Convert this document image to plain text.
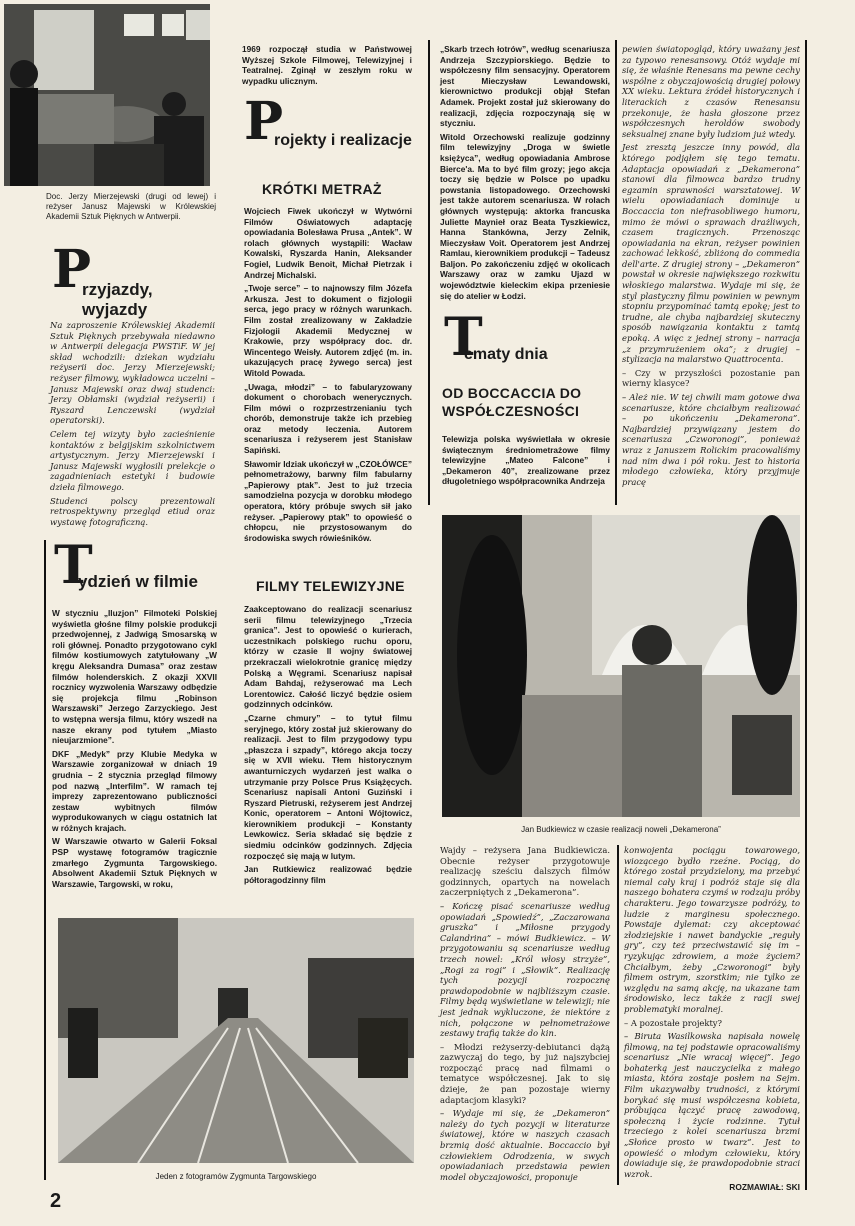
Doc. Jerzy Mierzejewski (drugi od lewej) i reżyser Janusz Majewski w Królewskiej Akademii Sztuk Pięknych w Antwerpii.
P
rzyjazdy, wyjazdy

Na zaproszenie Królewskiej Akademii Sztuk Pięknych przebywała niedawno w Antwerpii delegacja PWSTiF. W jej skład wchodzili: dziekan wydziału reżyserii doc. Jerzy Mierzejewski; reżyser filmowy, wykładowca uczelni – Janusz Majewski oraz dwaj studenci: Jerzy Obłamski (wydział reżyserii) i Ryszard Lenczewski (wydział operatorski).

Celem tej wizyty było zacieśnienie kontaktów z belgijskim szkolnictwem artystycznym. Jerzy Mierzejewski i Janusz Majewski wygłosili prelekcje o zagadnieniach estetyki i budowie dzieła filmowego.

Studenci polscy prezentowali retrospektywny przegląd etiud oraz wystawę fotograficzną.

T
ydzień w filmie

W styczniu „Iluzjon” Filmoteki Polskiej wyświetla głośne filmy polskie produkcji przedwojennej, z Jadwigą Smosarską w roli głównej. Ponadto przygotowano cykl filmów kostiumowych zatytułowany „W kręgu Aleksandra Dumasa” oraz zestaw filmów holenderskich. Z okazji XXVII rocznicy wyzwolenia Warszawy odbędzie się projekcja filmu „Robinson Warszawski” Jerzego Zarzyckiego. Jest to wstępna wersja filmu, który wszedł na nasze ekrany pod tytułem „Miasto nieujarzmione”.

DKF „Medyk” przy Klubie Medyka w Warszawie zorganizował w dniach 19 grudnia – 2 stycznia przegląd filmowy pod nazwą „Interfilm”. W ramach tej imprezy zaprezentowano publiczności zestaw wybitnych filmów wyprodukowanych w ciągu ostatnich lat w różnych krajach.

W Warszawie otwarto w Galerii Foksal PSP wystawę fotogramów tragicznie zmarłego Zygmunta Targowskiego. Absolwent Akademii Sztuk Pięknych w Warszawie, Targowski, w roku,

1969 rozpoczął studia w Państwowej Wyższej Szkole Filmowej, Telewizyjnej i Teatralnej. Zginął w zeszłym roku w wypadku ulicznym.

P
rojekty i realizacje
KRÓTKI METRAŻ

Wojciech Fiwek ukończył w Wytwórni Filmów Oświatowych adaptację opowiadania Bolesława Prusa „Antek”. W rolach głównych wystąpili: Wacław Kowalski, Ryszarda Hanin, Aleksander Fogiel, Ludwik Benoit, Michał Pietrzak i Andrzej Michalski.

„Twoje serce” – to najnowszy film Józefa Arkusza. Jest to dokument o fizjologii serca, jego pracy w różnych warunkach. Film został zrealizowany w Zakładzie Fizjologii Akademii Medycznej w Krakowie, przy współpracy doc. dr. Wincentego Weisły. Autorem zdjęć (m. in. ukazujących pracę żywego serca) jest Witold Powada.

„Uwaga, młodzi” – to fabularyzowany dokument o chorobach wenerycznych. Film mówi o rozprzestrzenianiu tych chorób, demonstruje także ich przebieg oraz metody leczenia. Autorem scenariusza i reżyserem jest Stanisław Sapiński.

Sławomir Idziak ukończył w „CZOŁÓWCE” pełnometrażowy, barwny film fabularny „Papierowy ptak”. Jest to już trzecia samodzielna pozycja w dorobku młodego operatora, który próbuje swych sił jako reżyser. „Papierowy ptak” to opowieść o chłopcu, nie przystosowanym do środowiska swych rówieśników.

FILMY TELEWIZYJNE

Zaakceptowano do realizacji scenariusz serii filmu telewizyjnego „Trzecia granica”. Jest to opowieść o kurierach, uczestnikach polskiego ruchu oporu, którzy w czasie II wojny światowej przekraczali wielokrotnie granicę między Polską a Węgrami. Scenariusz napisał Adam Bahdaj, reżyserować ma Lech Lorentowicz. Całość liczyć będzie osiem godzinnych odcinków.

„Czarne chmury” – to tytuł filmu seryjnego, który został już skierowany do realizacji. Jest to film przygodowy typu „płaszcza i szpady”, którego akcja toczy się w XVII wieku. Tłem historycznym awanturniczych wydarzeń jest walka o utrzymanie przy Polsce Prus Książęcych. Scenariusz napisali Antoni Guziński i Ryszard Pietruski, reżyserem jest Andrzej Konic, operatorem – Antoni Wójtowicz, kierownikiem produkcji – Konstanty Lewkowicz. Seria składać się będzie z siedmiu odcinków godzinnych. Zdjęcia rozpoczęć się mają w lutym.

Jan Rutkiewicz realizować będzie półtoragodzinny film

„Skarb trzech łotrów”, według scenariusza Andrzeja Szczypiorskiego. Będzie to współczesny film sensacyjny. Operatorem jest Mieczysław Lewandowski, kierownictwo produkcji objął Stefan Adamek. Projekt został już skierowany do realizacji, zdjęcia rozpoczynają się w styczniu.

Witold Orzechowski realizuje godzinny film telewizyjny „Droga w świetle księżyca”, według opowiadania Ambrose Bierce'a. Ma to być film grozy; jego akcja toczy się będzie w Polsce po upadku powstania listopadowego. Orzechowski jest także autorem scenariusza. W rolach głównych występują: aktorka francuska Juliette Maynieł oraz Beata Tyszkiewicz, Hanna Stankówna, Jerzy Zelnik, Mieczysław Voit. Operatorem jest Andrzej Ramlau, kierownikiem produkcji – Tadeusz Baljon. Po zakończeniu zdjęć w okolicach Warszawy oraz w zamku Ujazd w województwie kieleckim ekipa przeniesie się do atelier w Łodzi.

T
ematy dnia
OD BOCCACCIA DO WSPÓŁCZESNOŚCI

Telewizja polska wyświetlała w okresie świątecznym średniometrażowe filmy telewizyjne „Mateo Falcone” i „Dekameron 40”, zrealizowane przez długoletniego współpracownika Andrzeja

pewien światopogląd, który uważany jest za typowo renesansowy. Otóż wydaje mi się, że właśnie Renesans ma pewne cechy wspólne z obyczajowością drugiej połowy XX wieku. Lektura źródeł historycznych i literackich z czasów Renesansu przekonuje, że hasła głoszone przez współczesnych heroldów swobody seksualnej znane były ludziom już wtedy.

Jest zresztą jeszcze inny powód, dla którego podjąłem się tego tematu. Adaptacja opowiadań z „Dekamerona” stanowi dla filmowca bardzo trudny egzamin sprawności warsztatowej. W wielu opowiadaniach dominuje u Boccaccia ton niefrasobliwego humoru, mimo że mówi o sprawach drażliwych, czasem tragicznych. Przenosząc opowiadania na ekran, reżyser powinien zachować lekkość, zbliżoną do commedia dell'arte. Z drugiej strony – „Dekameron” powstał w okresie największego rozkwitu włoskiego malarstwa. Wydaje mi się, że styl plastyczny filmu powinien w pewnym stopniu przypominać tamtą epokę; jest to trudne, ale chyba najbardziej skuteczny sposób nawiązania kontaktu z tamtą epoką. A więc z jednej strony – narracja „z przymrużeniem oka”; z drugiej – stylizacja na malarstwo Quattrocenta.

– Czy w przyszłości pozostanie pan wierny klasyce?

– Ależ nie. W tej chwili mam gotowe dwa scenariusze, które chciałbym realizować – po ukończeniu „Dekamerona”. Najbardziej przywiązany jestem do scenariusza „Czworonogi”, ponieważ wraz z Januszem Rolickim pracowaliśmy nad nim dwa i pół roku. Jest to historia młodego człowieka, który przyjmuje pracę

Jan Budkiewicz w czasie realizacji noweli „Dekamerona”

Wajdy – reżysera Jana Budkiewicza. Obecnie reżyser przygotowuje realizację sześciu dalszych filmów godzinnych, opartych na nowelach zaczerpniętych z „Dekamerona”.

– Kończę pisać scenariusze według opowiadań „Spowiedź”, „Zaczarowana gruszka” i „Miłosne przygody Calandrina” – mówi Budkiewicz. – W przygotowaniu są scenariusze według trzech nowel: „Król włosy strzyże”, „Rogi za rogi” i „Słowik”. Realizację tych pozycji rozpocznę prawdopodobnie w najbliższym czasie. Filmy będą wyświetlane w telewizji; nie jest jednak wykluczone, że niektóre z nich, połączone w pełnometrażowe zestawy trafią także do kin.

– Młodzi reżyserzy-debiutanci dążą zazwyczaj do tego, by już najszybciej rozpocząć pracę nad filmami o tematyce współczesnej. Jak to się dzieje, że pan pozostaje wierny adaptacjom klasyki?

– Wydaje mi się, że „Dekameron” należy do tych pozycji w literaturze światowej, które w naszych czasach brzmią dość aktualnie. Boccaccio był człowiekiem Odrodzenia, w swych opowiadaniach przedstawia pewien model obyczajowości, proponuje

konwojenta pociągu towarowego, wiozącego bydło rzeźne. Pociąg, do którego został przydzielony, ma przebyć niemal cały kraj i podróż staje się dla naszego bohatera czymś w rodzaju próby charakteru. Jego towarzysze podróży, to ludzie z marginesu społecznego. Powstaje dylemat: czy akceptować złodziejskie i nawet bandyckie „reguły gry”, czy też przeciwstawić się im – ryzykując zdrowiem, a może życiem? Chciałbym, żeby „Czworonogi” były filmem ostrym, szorstkim; nie tylko ze względu na samą akcję, na ukazane tam środowisko, lecz także z racji swej problematyki moralnej.

– A pozostałe projekty?

– Biruta Wasilkowska napisała nowelę filmową, na tej podstawie opracowaliśmy scenariusz „Nie wracaj więcej”. Jego bohaterką jest nauczycielka z małego miasta, która zostaje posłem na Sejm. Film ukazywałby trudności, z którymi borykać się musi współczesna kobieta, próbująca łączyć pracę zawodową, społeczną i życie rodzinne. Tytuł trzeciego z kolei scenariusza brzmi „Słońce prosto w twarz”. Jest to opowieść o młodym człowieku, który dowiaduje się, że prawdopodobnie straci wzrok.

ROZMAWIAŁ: SKI

Jeden z fotogramów Zygmunta Targowskiego
2
